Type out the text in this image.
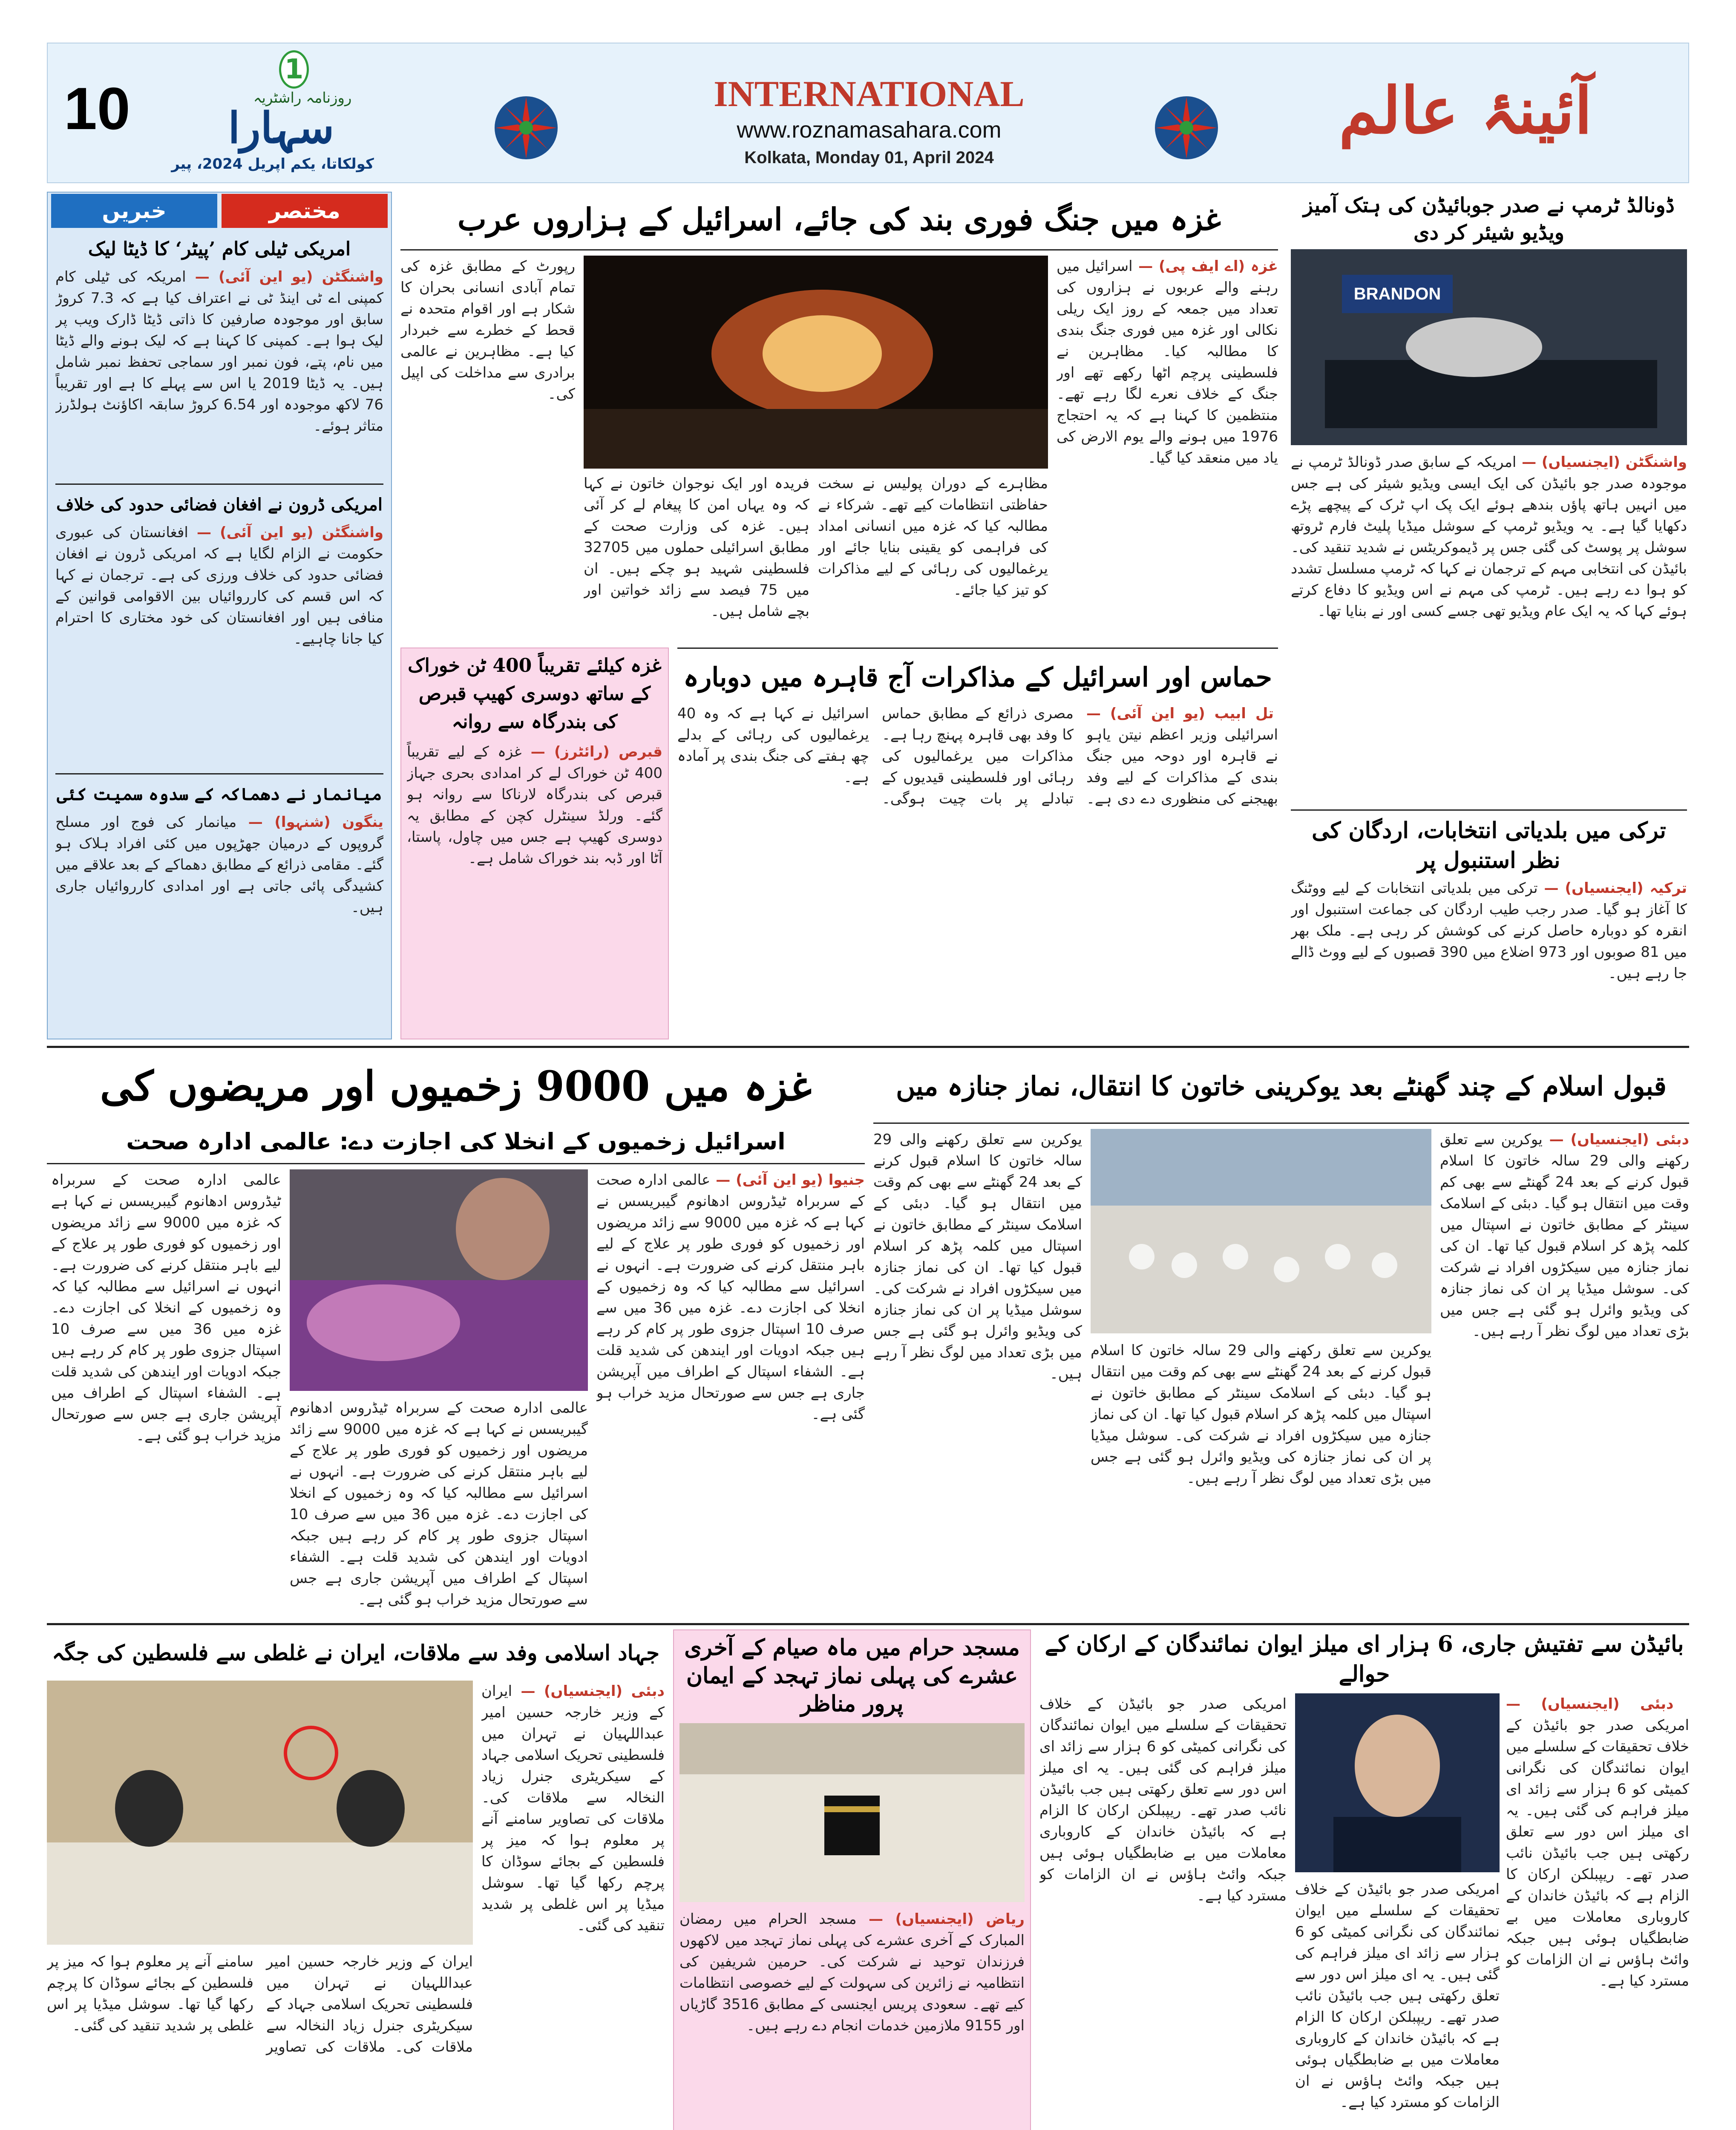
10
1
روزنامہ راشٹریہ
سہارا
کولکاتا، یکم اپریل 2024، پیر
INTERNATIONAL
www.roznamasahara.com
Kolkata, Monday 01, April 2024
آئینۂ عالم
خبریں	مختصر
امریکی ٹیلی کام ’پیٹر‘ کا ڈیٹا لیک
واشنگٹن (یو این آئی) — امریکہ کی ٹیلی کام کمپنی اے ٹی اینڈ ٹی نے اعتراف کیا ہے کہ 7.3 کروڑ سابق اور موجودہ صارفین کا ذاتی ڈیٹا ڈارک ویب پر لیک ہوا ہے۔ کمپنی کا کہنا ہے کہ لیک ہونے والے ڈیٹا میں نام، پتے، فون نمبر اور سماجی تحفظ نمبر شامل ہیں۔ یہ ڈیٹا 2019 یا اس سے پہلے کا ہے اور تقریباً 76 لاکھ موجودہ اور 6.54 کروڑ سابقہ اکاؤنٹ ہولڈرز متاثر ہوئے۔
امریکی ڈرون نے افغان فضائی حدود کی خلاف
واشنگٹن (یو این آئی) — افغانستان کی عبوری حکومت نے الزام لگایا ہے کہ امریکی ڈرون نے افغان فضائی حدود کی خلاف ورزی کی ہے۔ ترجمان نے کہا کہ اس قسم کی کارروائیاں بین الاقوامی قوانین کے منافی ہیں اور افغانستان کی خود مختاری کا احترام کیا جانا چاہیے۔
میانمار نے دھماکہ کے سدوہ سمیت کئی
ینگون (شنہوا) — میانمار کی فوج اور مسلح گروپوں کے درمیان جھڑپوں میں کئی افراد ہلاک ہو گئے۔ مقامی ذرائع کے مطابق دھماکے کے بعد علاقے میں کشیدگی پائی جاتی ہے اور امدادی کارروائیاں جاری ہیں۔
غزہ میں جنگ فوری بند کی جائے، اسرائیل کے ہزاروں عرب
غزہ (اے ایف پی) — اسرائیل میں رہنے والے عربوں نے ہزاروں کی تعداد میں جمعہ کے روز ایک ریلی نکالی اور غزہ میں فوری جنگ بندی کا مطالبہ کیا۔ مظاہرین نے فلسطینی پرچم اٹھا رکھے تھے اور جنگ کے خلاف نعرے لگا رہے تھے۔ منتظمین کا کہنا ہے کہ یہ احتجاج 1976 میں ہونے والے یوم الارض کی یاد میں منعقد کیا گیا۔
مظاہرے کے دوران پولیس نے سخت حفاظتی انتظامات کیے تھے۔ شرکاء نے مطالبہ کیا کہ غزہ میں انسانی امداد کی فراہمی کو یقینی بنایا جائے اور یرغمالیوں کی رہائی کے لیے مذاکرات کو تیز کیا جائے۔
فریدہ اور ایک نوجوان خاتون نے کہا کہ وہ یہاں امن کا پیغام لے کر آئی ہیں۔ غزہ کی وزارت صحت کے مطابق اسرائیلی حملوں میں 32705 فلسطینی شہید ہو چکے ہیں۔ ان میں 75 فیصد سے زائد خواتین اور بچے شامل ہیں۔
رپورٹ کے مطابق غزہ کی تمام آبادی انسانی بحران کا شکار ہے اور اقوام متحدہ نے قحط کے خطرے سے خبردار کیا ہے۔ مظاہرین نے عالمی برادری سے مداخلت کی اپیل کی۔
ڈونالڈ ٹرمپ نے صدر جوبائیڈن کی ہتک آمیز ویڈیو شیئر کر دی
BRANDON
واشنگٹن (ایجنسیاں) — امریکہ کے سابق صدر ڈونالڈ ٹرمپ نے موجودہ صدر جو بائیڈن کی ایک ایسی ویڈیو شیئر کی ہے جس میں انہیں ہاتھ پاؤں بندھے ہوئے ایک پک اپ ٹرک کے پیچھے پڑے دکھایا گیا ہے۔ یہ ویڈیو ٹرمپ کے سوشل میڈیا پلیٹ فارم ٹروتھ سوشل پر پوسٹ کی گئی جس پر ڈیموکریٹس نے شدید تنقید کی۔ بائیڈن کی انتخابی مہم کے ترجمان نے کہا کہ ٹرمپ مسلسل تشدد کو ہوا دے رہے ہیں۔ ٹرمپ کی مہم نے اس ویڈیو کا دفاع کرتے ہوئے کہا کہ یہ ایک عام ویڈیو تھی جسے کسی اور نے بنایا تھا۔
ترکی میں بلدیاتی انتخابات، اردگان کی نظر استنبول پر
ترکیہ (ایجنسیاں) — ترکی میں بلدیاتی انتخابات کے لیے ووٹنگ کا آغاز ہو گیا۔ صدر رجب طیب اردگان کی جماعت استنبول اور انقرہ کو دوبارہ حاصل کرنے کی کوشش کر رہی ہے۔ ملک بھر میں 81 صوبوں اور 973 اضلاع میں 390 قصبوں کے لیے ووٹ ڈالے جا رہے ہیں۔
حماس اور اسرائیل کے مذاکرات آج قاہرہ میں دوبارہ
تل ابیب (یو این آئی) — اسرائیلی وزیر اعظم نیتن یاہو نے قاہرہ اور دوحہ میں جنگ بندی کے مذاکرات کے لیے وفد بھیجنے کی منظوری دے دی ہے۔ مصری ذرائع کے مطابق حماس کا وفد بھی قاہرہ پہنچ رہا ہے۔ مذاکرات میں یرغمالیوں کی رہائی اور فلسطینی قیدیوں کے تبادلے پر بات چیت ہوگی۔ اسرائیل نے کہا ہے کہ وہ 40 یرغمالیوں کی رہائی کے بدلے چھ ہفتے کی جنگ بندی پر آمادہ ہے۔
غزہ کیلئے تقریباً 400 ٹن خوراک کے ساتھ دوسری کھیپ قبرص کی بندرگاہ سے روانہ
قبرص (رائٹرز) — غزہ کے لیے تقریباً 400 ٹن خوراک لے کر امدادی بحری جہاز قبرص کی بندرگاہ لارناکا سے روانہ ہو گئے۔ ورلڈ سینٹرل کچن کے مطابق یہ دوسری کھیپ ہے جس میں چاول، پاستا، آٹا اور ڈبہ بند خوراک شامل ہے۔
غزہ میں 9000 زخمیوں اور مریضوں کی
اسرائیل زخمیوں کے انخلا کی اجازت دے: عالمی ادارہ صحت
جنیوا (یو این آئی) — عالمی ادارہ صحت کے سربراہ ٹیڈروس ادھانوم گیبریسس نے کہا ہے کہ غزہ میں 9000 سے زائد مریضوں اور زخمیوں کو فوری طور پر علاج کے لیے باہر منتقل کرنے کی ضرورت ہے۔ انہوں نے اسرائیل سے مطالبہ کیا کہ وہ زخمیوں کے انخلا کی اجازت دے۔ غزہ میں 36 میں سے صرف 10 اسپتال جزوی طور پر کام کر رہے ہیں جبکہ ادویات اور ایندھن کی شدید قلت ہے۔ الشفاء اسپتال کے اطراف میں آپریشن جاری ہے جس سے صورتحال مزید خراب ہو گئی ہے۔
عالمی ادارہ صحت کے سربراہ ٹیڈروس ادھانوم گیبریسس نے کہا ہے کہ غزہ میں 9000 سے زائد مریضوں اور زخمیوں کو فوری طور پر علاج کے لیے باہر منتقل کرنے کی ضرورت ہے۔ انہوں نے اسرائیل سے مطالبہ کیا کہ وہ زخمیوں کے انخلا کی اجازت دے۔ غزہ میں 36 میں سے صرف 10 اسپتال جزوی طور پر کام کر رہے ہیں جبکہ ادویات اور ایندھن کی شدید قلت ہے۔ الشفاء اسپتال کے اطراف میں آپریشن جاری ہے جس سے صورتحال مزید خراب ہو گئی ہے۔
عالمی ادارہ صحت کے سربراہ ٹیڈروس ادھانوم گیبریسس نے کہا ہے کہ غزہ میں 9000 سے زائد مریضوں اور زخمیوں کو فوری طور پر علاج کے لیے باہر منتقل کرنے کی ضرورت ہے۔ انہوں نے اسرائیل سے مطالبہ کیا کہ وہ زخمیوں کے انخلا کی اجازت دے۔ غزہ میں 36 میں سے صرف 10 اسپتال جزوی طور پر کام کر رہے ہیں جبکہ ادویات اور ایندھن کی شدید قلت ہے۔ الشفاء اسپتال کے اطراف میں آپریشن جاری ہے جس سے صورتحال مزید خراب ہو گئی ہے۔
قبول اسلام کے چند گھنٹے بعد یوکرینی خاتون کا انتقال، نماز جنازہ میں
دبئی (ایجنسیاں) — یوکرین سے تعلق رکھنے والی 29 سالہ خاتون کا اسلام قبول کرنے کے بعد 24 گھنٹے سے بھی کم وقت میں انتقال ہو گیا۔ دبئی کے اسلامک سینٹر کے مطابق خاتون نے اسپتال میں کلمہ پڑھ کر اسلام قبول کیا تھا۔ ان کی نماز جنازہ میں سیکڑوں افراد نے شرکت کی۔ سوشل میڈیا پر ان کی نماز جنازہ کی ویڈیو وائرل ہو گئی ہے جس میں بڑی تعداد میں لوگ نظر آ رہے ہیں۔
یوکرین سے تعلق رکھنے والی 29 سالہ خاتون کا اسلام قبول کرنے کے بعد 24 گھنٹے سے بھی کم وقت میں انتقال ہو گیا۔ دبئی کے اسلامک سینٹر کے مطابق خاتون نے اسپتال میں کلمہ پڑھ کر اسلام قبول کیا تھا۔ ان کی نماز جنازہ میں سیکڑوں افراد نے شرکت کی۔ سوشل میڈیا پر ان کی نماز جنازہ کی ویڈیو وائرل ہو گئی ہے جس میں بڑی تعداد میں لوگ نظر آ رہے ہیں۔
یوکرین سے تعلق رکھنے والی 29 سالہ خاتون کا اسلام قبول کرنے کے بعد 24 گھنٹے سے بھی کم وقت میں انتقال ہو گیا۔ دبئی کے اسلامک سینٹر کے مطابق خاتون نے اسپتال میں کلمہ پڑھ کر اسلام قبول کیا تھا۔ ان کی نماز جنازہ میں سیکڑوں افراد نے شرکت کی۔ سوشل میڈیا پر ان کی نماز جنازہ کی ویڈیو وائرل ہو گئی ہے جس میں بڑی تعداد میں لوگ نظر آ رہے ہیں۔
بائیڈن سے تفتیش جاری، 6 ہزار ای میلز ایوان نمائندگان کے ارکان کے حوالے
دبئی (ایجنسیاں) — امریکی صدر جو بائیڈن کے خلاف تحقیقات کے سلسلے میں ایوان نمائندگان کی نگرانی کمیٹی کو 6 ہزار سے زائد ای میلز فراہم کی گئی ہیں۔ یہ ای میلز اس دور سے تعلق رکھتی ہیں جب بائیڈن نائب صدر تھے۔ ریپبلکن ارکان کا الزام ہے کہ بائیڈن خاندان کے کاروباری معاملات میں بے ضابطگیاں ہوئی ہیں جبکہ وائٹ ہاؤس نے ان الزامات کو مسترد کیا ہے۔
امریکی صدر جو بائیڈن کے خلاف تحقیقات کے سلسلے میں ایوان نمائندگان کی نگرانی کمیٹی کو 6 ہزار سے زائد ای میلز فراہم کی گئی ہیں۔ یہ ای میلز اس دور سے تعلق رکھتی ہیں جب بائیڈن نائب صدر تھے۔ ریپبلکن ارکان کا الزام ہے کہ بائیڈن خاندان کے کاروباری معاملات میں بے ضابطگیاں ہوئی ہیں جبکہ وائٹ ہاؤس نے ان الزامات کو مسترد کیا ہے۔
امریکی صدر جو بائیڈن کے خلاف تحقیقات کے سلسلے میں ایوان نمائندگان کی نگرانی کمیٹی کو 6 ہزار سے زائد ای میلز فراہم کی گئی ہیں۔ یہ ای میلز اس دور سے تعلق رکھتی ہیں جب بائیڈن نائب صدر تھے۔ ریپبلکن ارکان کا الزام ہے کہ بائیڈن خاندان کے کاروباری معاملات میں بے ضابطگیاں ہوئی ہیں جبکہ وائٹ ہاؤس نے ان الزامات کو مسترد کیا ہے۔
مسجد حرام میں ماہ صیام کے آخری عشرے کی پہلی نماز تہجد کے ایمان پرور مناظر
ریاض (ایجنسیاں) — مسجد الحرام میں رمضان المبارک کے آخری عشرے کی پہلی نماز تہجد میں لاکھوں فرزندان توحید نے شرکت کی۔ حرمین شریفین کی انتظامیہ نے زائرین کی سہولت کے لیے خصوصی انتظامات کیے تھے۔ سعودی پریس ایجنسی کے مطابق 3516 گاڑیاں اور 9155 ملازمین خدمات انجام دے رہے ہیں۔
جہاد اسلامی وفد سے ملاقات، ایران نے غلطی سے فلسطین کی جگہ
دبئی (ایجنسیاں) — ایران کے وزیر خارجہ حسین امیر عبداللہیان نے تہران میں فلسطینی تحریک اسلامی جہاد کے سیکریٹری جنرل زیاد النخالہ سے ملاقات کی۔ ملاقات کی تصاویر سامنے آنے پر معلوم ہوا کہ میز پر فلسطین کے بجائے سوڈان کا پرچم رکھا گیا تھا۔ سوشل میڈیا پر اس غلطی پر شدید تنقید کی گئی۔
ایران کے وزیر خارجہ حسین امیر عبداللہیان نے تہران میں فلسطینی تحریک اسلامی جہاد کے سیکریٹری جنرل زیاد النخالہ سے ملاقات کی۔ ملاقات کی تصاویر سامنے آنے پر معلوم ہوا کہ میز پر فلسطین کے بجائے سوڈان کا پرچم رکھا گیا تھا۔ سوشل میڈیا پر اس غلطی پر شدید تنقید کی گئی۔
